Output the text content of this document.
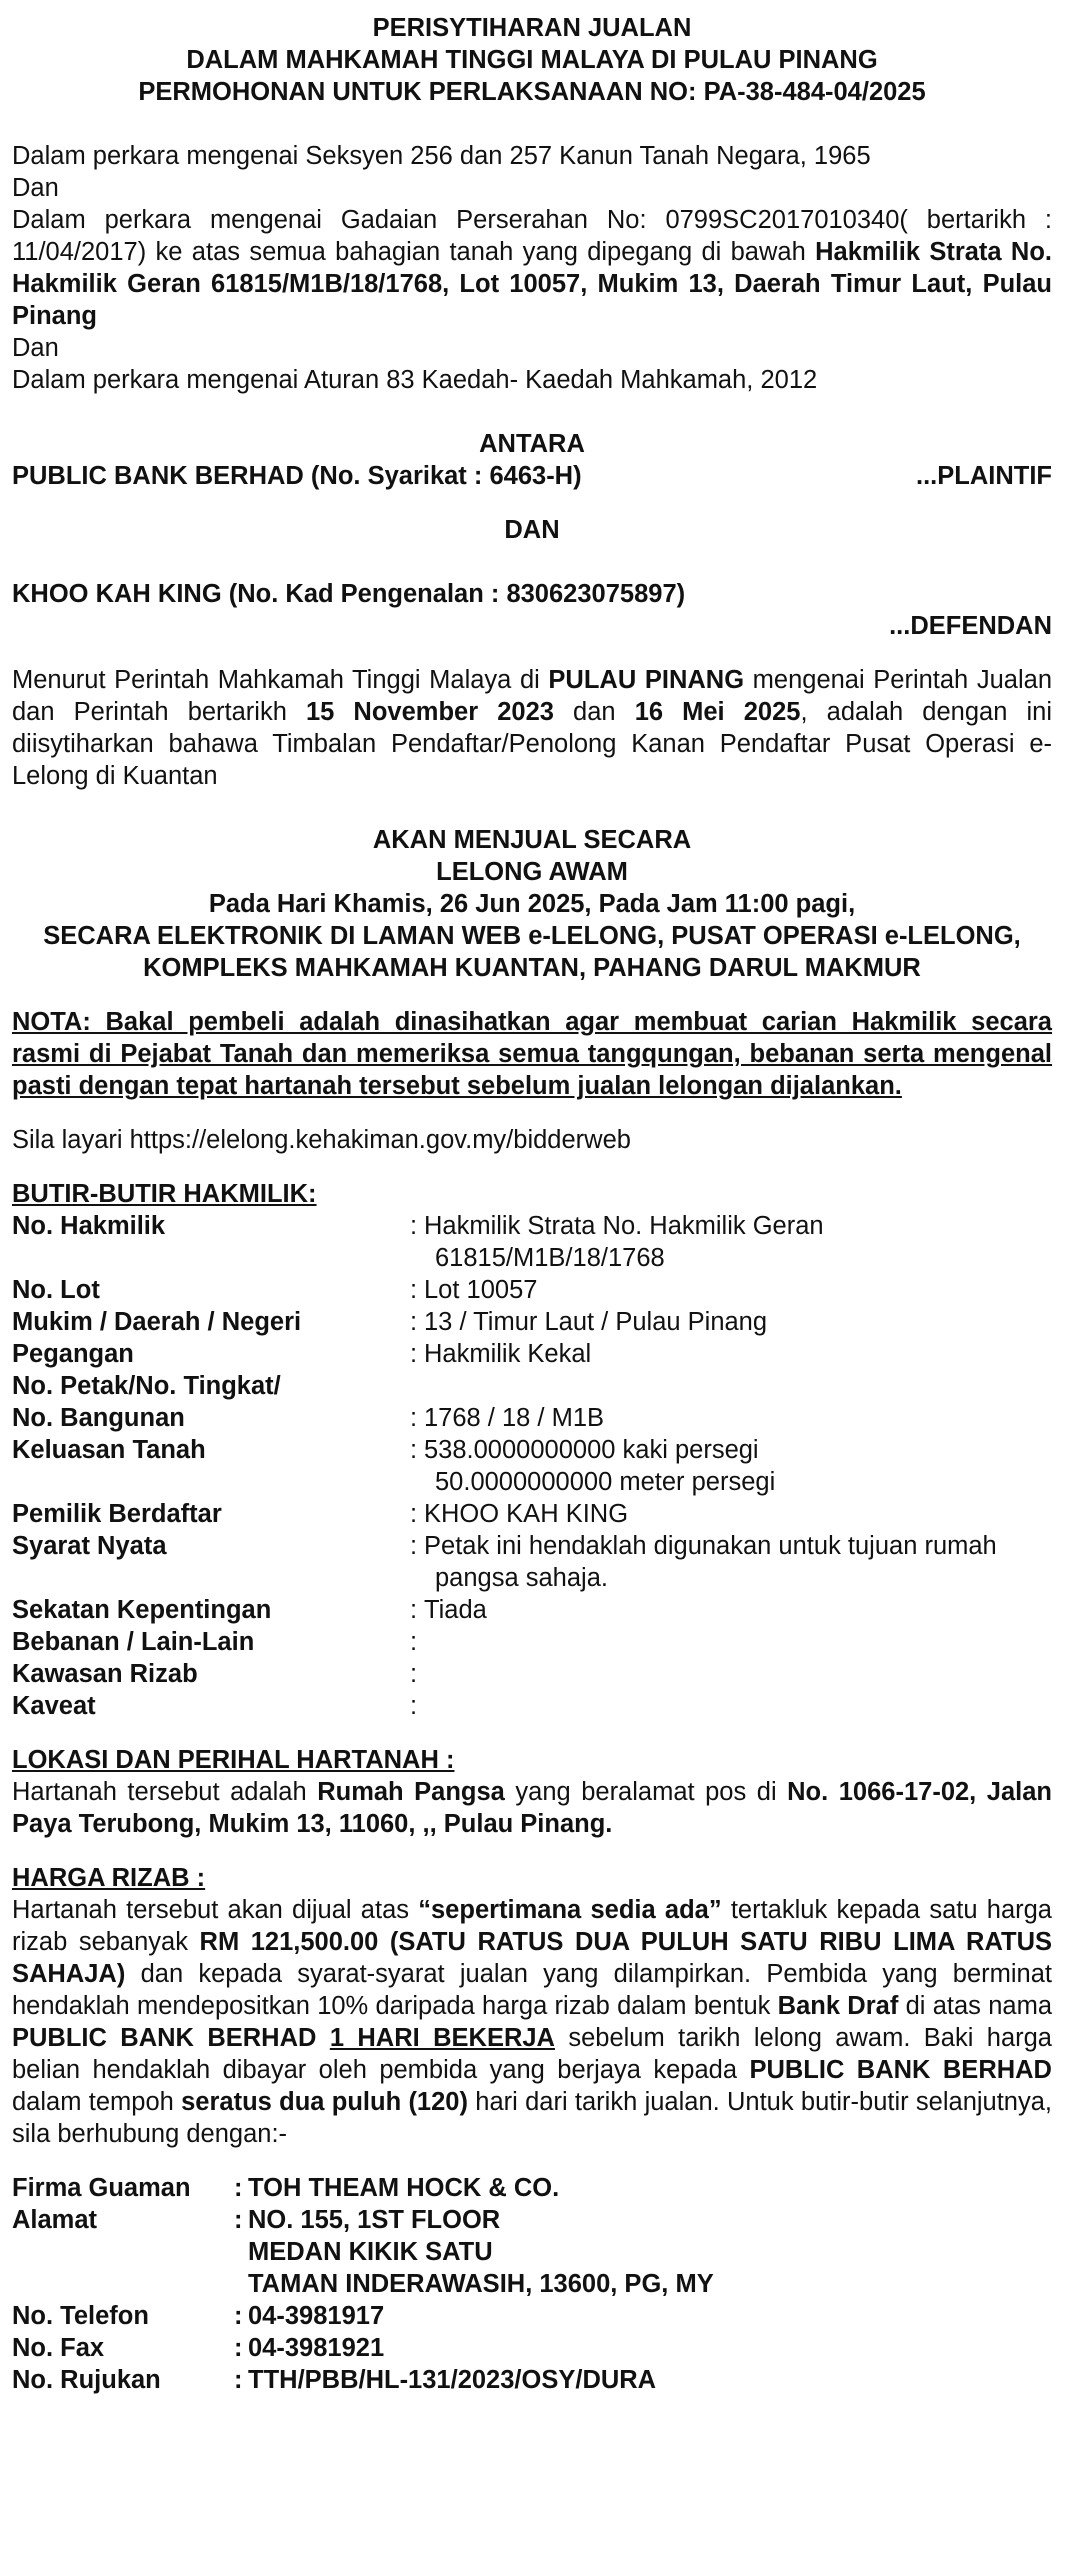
PERISYTIHARAN JUALAN
DALAM MAHKAMAH TINGGI MALAYA DI PULAU PINANG
PERMOHONAN UNTUK PERLAKSANAAN NO: PA-38-484-04/2025
Dalam perkara mengenai Seksyen 256 dan 257 Kanun Tanah Negara, 1965
Dan
Dalam perkara mengenai Gadaian Perserahan No: 0799SC2017010340( bertarikh : 11/04/2017) ke atas semua bahagian tanah yang dipegang di bawah Hakmilik Strata No. Hakmilik Geran 61815/M1B/18/1768, Lot 10057, Mukim 13, Daerah Timur Laut, Pulau Pinang
Dan
Dalam perkara mengenai Aturan 83 Kaedah- Kaedah Mahkamah, 2012
ANTARA
PUBLIC BANK BERHAD (No. Syarikat : 6463-H)	...PLAINTIF
DAN
KHOO KAH KING (No. Kad Pengenalan : 830623075897)
...DEFENDAN
Menurut Perintah Mahkamah Tinggi Malaya di PULAU PINANG mengenai Perintah Jualan dan Perintah bertarikh 15 November 2023 dan 16 Mei 2025, adalah dengan ini diisytiharkan bahawa Timbalan Pendaftar/Penolong Kanan Pendaftar Pusat Operasi e-Lelong di Kuantan
AKAN MENJUAL SECARA
LELONG AWAM
Pada Hari Khamis, 26 Jun 2025, Pada Jam 11:00 pagi,
SECARA ELEKTRONIK DI LAMAN WEB e-LELONG, PUSAT OPERASI e-LELONG,
KOMPLEKS MAHKAMAH KUANTAN, PAHANG DARUL MAKMUR
NOTA: Bakal pembeli adalah dinasihatkan agar membuat carian Hakmilik secara rasmi di Pejabat Tanah dan memeriksa semua tangqungan, bebanan serta mengenal pasti dengan tepat hartanah tersebut sebelum jualan lelongan dijalankan.
Sila layari https://elelong.kehakiman.gov.my/bidderweb
BUTIR-BUTIR HAKMILIK:
No. Hakmilik	:	Hakmilik Strata No. Hakmilik Geran
61815/M1B/18/1768

No. Lot	:	Lot 10057

Mukim / Daerah / Negeri	:	13 / Timur Laut / Pulau Pinang

Pegangan	:	Hakmilik Kekal

No. Petak/No. Tingkat/		

No. Bangunan	:	1768 / 18 / M1B

Keluasan Tanah	:	538.0000000000 kaki persegi
50.0000000000 meter persegi

Pemilik Berdaftar	:	KHOO KAH KING

Syarat Nyata	:	Petak ini hendaklah digunakan untuk tujuan rumah
pangsa sahaja.

Sekatan Kepentingan	:	Tiada

Bebanan / Lain-Lain	:	

Kawasan Rizab	:	

Kaveat	:	
LOKASI DAN PERIHAL HARTANAH :
Hartanah tersebut adalah Rumah Pangsa yang beralamat pos di No. 1066-17-02, Jalan Paya Terubong, Mukim 13, 11060, ,, Pulau Pinang.
HARGA RIZAB :
Hartanah tersebut akan dijual atas “sepertimana sedia ada” tertakluk kepada satu harga rizab sebanyak RM 121,500.00 (SATU RATUS DUA PULUH SATU RIBU LIMA RATUS SAHAJA) dan kepada syarat-syarat jualan yang dilampirkan. Pembida yang berminat hendaklah mendepositkan 10% daripada harga rizab dalam bentuk Bank Draf di atas nama PUBLIC BANK BERHAD 1 HARI BEKERJA sebelum tarikh lelong awam. Baki harga belian hendaklah dibayar oleh pembida yang berjaya kepada PUBLIC BANK BERHAD dalam tempoh seratus dua puluh (120) hari dari tarikh jualan. Untuk butir-butir selanjutnya, sila berhubung dengan:-
Firma Guaman	:	TOH THEAM HOCK & CO.
Alamat	:	NO. 155, 1ST FLOOR
MEDAN KIKIK SATU
TAMAN INDERAWASIH, 13600, PG, MY

No. Telefon	:	04-3981917
No. Fax	:	04-3981921
No. Rujukan	:	TTH/PBB/HL-131/2023/OSY/DURA
